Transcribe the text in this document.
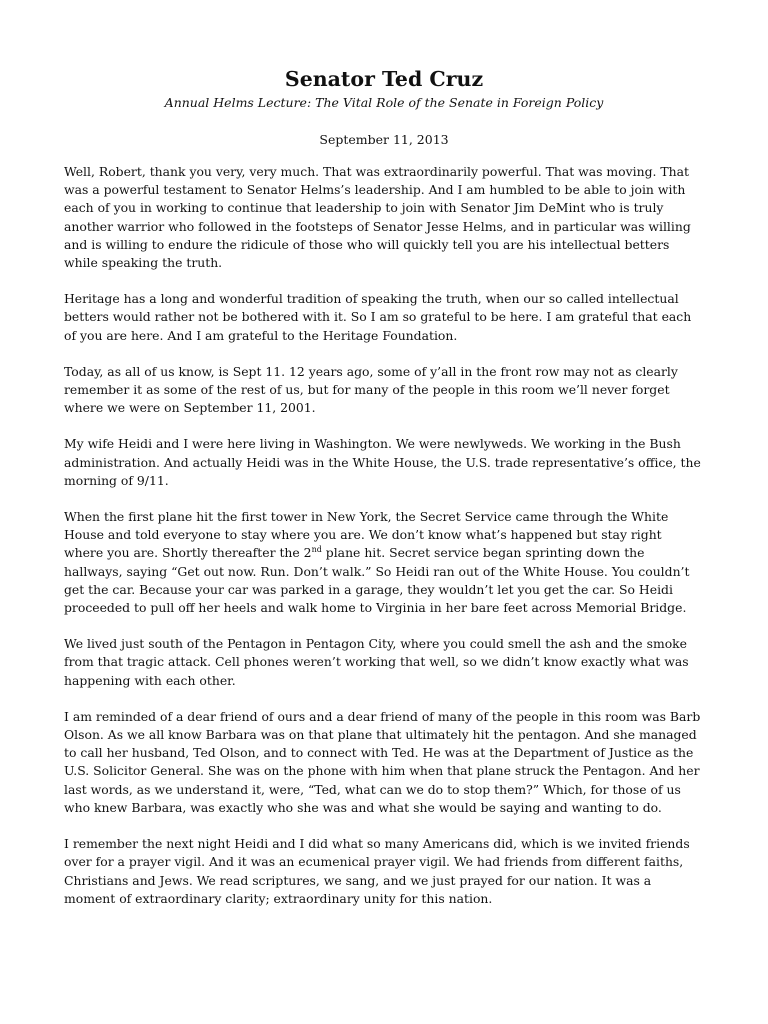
Senator Ted Cruz
Annual Helms Lecture: The Vital Role of the Senate in Foreign Policy
September 11, 2013

Well, Robert, thank you very, very much. That was extraordinarily powerful. That was moving. That was a powerful testament to Senator Helms’s leadership. And I am humbled to be able to join with each of you in working to continue that leadership to join with Senator Jim DeMint who is truly another warrior who followed in the footsteps of Senator Jesse Helms, and in particular was willing and is willing to endure the ridicule of those who will quickly tell you are his intellectual betters while speaking the truth.

Heritage has a long and wonderful tradition of speaking the truth, when our so called intellectual betters would rather not be bothered with it. So I am so grateful to be here. I am grateful that each of you are here. And I am grateful to the Heritage Foundation.

Today, as all of us know, is Sept 11. 12 years ago, some of y’all in the front row may not as clearly remember it as some of the rest of us, but for many of the people in this room we’ll never forget where we were on September 11, 2001.

My wife Heidi and I were here living in Washington. We were newlyweds. We working in the Bush administration. And actually Heidi was in the White House, the U.S. trade representative’s office, the morning of 9/11.

When the first plane hit the first tower in New York, the Secret Service came through the White House and told everyone to stay where you are. We don’t know what’s happened but stay right where you are. Shortly thereafter the 2nd plane hit. Secret service began sprinting down the hallways, saying “Get out now. Run. Don’t walk.” So Heidi ran out of the White House. You couldn’t get the car. Because your car was parked in a garage, they wouldn’t let you get the car. So Heidi proceeded to pull off her heels and walk home to Virginia in her bare feet across Memorial Bridge.

We lived just south of the Pentagon in Pentagon City, where you could smell the ash and the smoke from that tragic attack. Cell phones weren’t working that well, so we didn’t know exactly what was happening with each other.

I am reminded of a dear friend of ours and a dear friend of many of the people in this room was Barb Olson. As we all know Barbara was on that plane that ultimately hit the pentagon. And she managed to call her husband, Ted Olson, and to connect with Ted. He was at the Department of Justice as the U.S. Solicitor General. She was on the phone with him when that plane struck the Pentagon. And her last words, as we understand it, were, “Ted, what can we do to stop them?” Which, for those of us who knew Barbara, was exactly who she was and what she would be saying and wanting to do.

I remember the next night Heidi and I did what so many Americans did, which is we invited friends over for a prayer vigil. And it was an ecumenical prayer vigil. We had friends from different faiths, Christians and Jews. We read scriptures, we sang, and we just prayed for our nation. It was a moment of extraordinary clarity; extraordinary unity for this nation.
